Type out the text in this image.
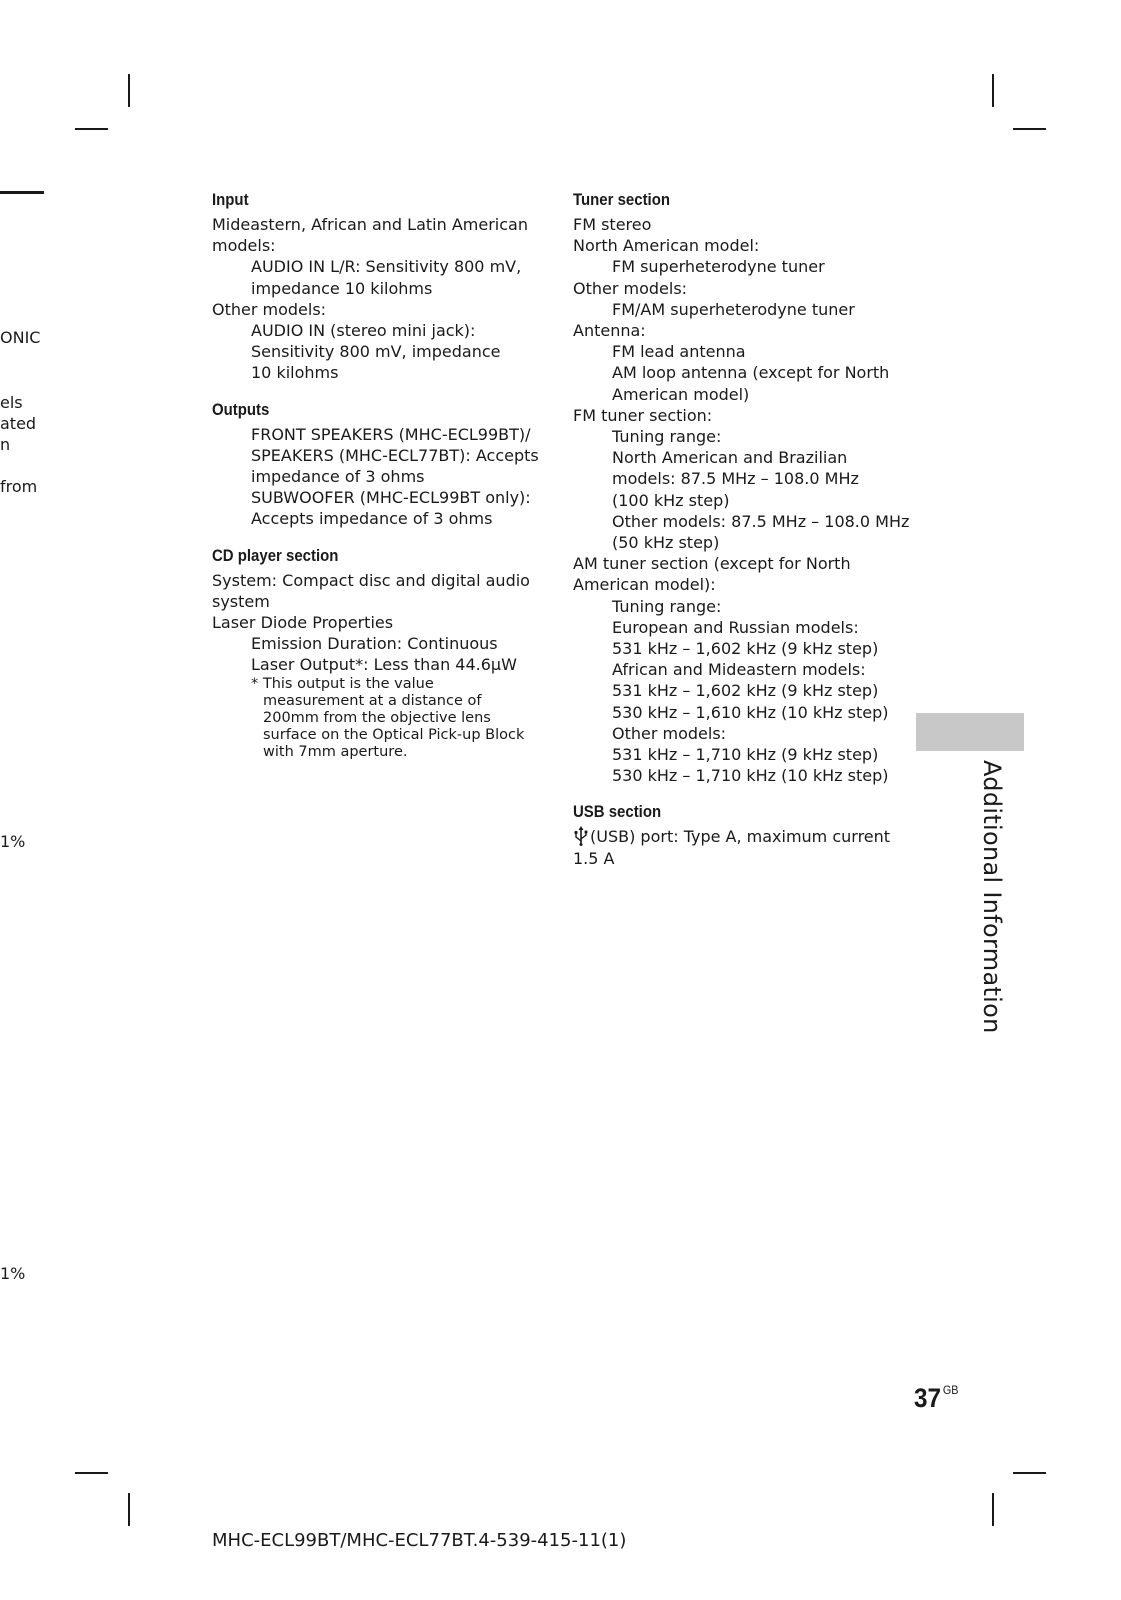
ONIC
els
ated
n
from
1%
1%
Input
Mideastern, African and Latin American
models:
AUDIO IN L/R: Sensitivity 800 mV,
impedance 10 kilohms
Other models:
AUDIO IN (stereo mini jack):
Sensitivity 800 mV, impedance
10 kilohms
Outputs
FRONT SPEAKERS (MHC-ECL99BT)/
SPEAKERS (MHC-ECL77BT): Accepts
impedance of 3 ohms
SUBWOOFER (MHC-ECL99BT only):
Accepts impedance of 3 ohms
CD player section
System: Compact disc and digital audio
system
Laser Diode Properties
Emission Duration: Continuous
Laser Output*: Less than 44.6µW
* This output is the value
measurement at a distance of
200mm from the objective lens
surface on the Optical Pick-up Block
with 7mm aperture.
Tuner section
FM stereo
North American model:
FM superheterodyne tuner
Other models:
FM/AM superheterodyne tuner
Antenna:
FM lead antenna
AM loop antenna (except for North
American model)
FM tuner section:
Tuning range:
North American and Brazilian
models: 87.5 MHz – 108.0 MHz
(100 kHz step)
Other models: 87.5 MHz – 108.0 MHz
(50 kHz step)
AM tuner section (except for North
American model):
Tuning range:
European and Russian models:
531 kHz – 1,602 kHz (9 kHz step)
African and Mideastern models:
531 kHz – 1,602 kHz (9 kHz step)
530 kHz – 1,610 kHz (10 kHz step)
Other models:
531 kHz – 1,710 kHz (9 kHz step)
530 kHz – 1,710 kHz (10 kHz step)
USB section
(USB) port: Type A, maximum current
1.5 A	Additional Information
37 $^{GB}$
MHC-ECL99BT/MHC-ECL77BT.4-539-415-11(1)
